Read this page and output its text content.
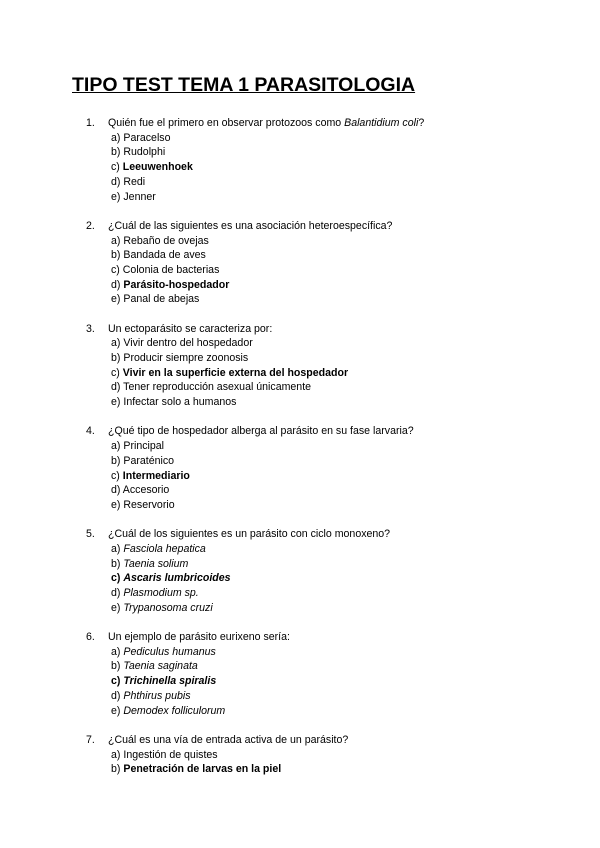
TIPO TEST TEMA 1 PARASITOLOGIA
1.	Quién fue el primero en observar protozoos como Balantidium coli?
a) Paracelso
b) Rudolphi
c) Leeuwenhoek
d) Redi
e) Jenner
2.	¿Cuál de las siguientes es una asociación heteroespecífica?
a) Rebaño de ovejas
b) Bandada de aves
c) Colonia de bacterias
d) Parásito-hospedador
e) Panal de abejas
3.	Un ectoparásito se caracteriza por:
a) Vivir dentro del hospedador
b) Producir siempre zoonosis
c) Vivir en la superficie externa del hospedador
d) Tener reproducción asexual únicamente
e) Infectar solo a humanos
4.	¿Qué tipo de hospedador alberga al parásito en su fase larvaria?
a) Principal
b) Paraténico
c) Intermediario
d) Accesorio
e) Reservorio
5.	¿Cuál de los siguientes es un parásito con ciclo monoxeno?
a) Fasciola hepatica
b) Taenia solium
c) Ascaris lumbricoides
d) Plasmodium sp.
e) Trypanosoma cruzi
6.	Un ejemplo de parásito eurixeno sería:
a) Pediculus humanus
b) Taenia saginata
c) Trichinella spiralis
d) Phthirus pubis
e) Demodex folliculorum
7.	¿Cuál es una vía de entrada activa de un parásito?
a) Ingestión de quistes
b) Penetración de larvas en la piel
